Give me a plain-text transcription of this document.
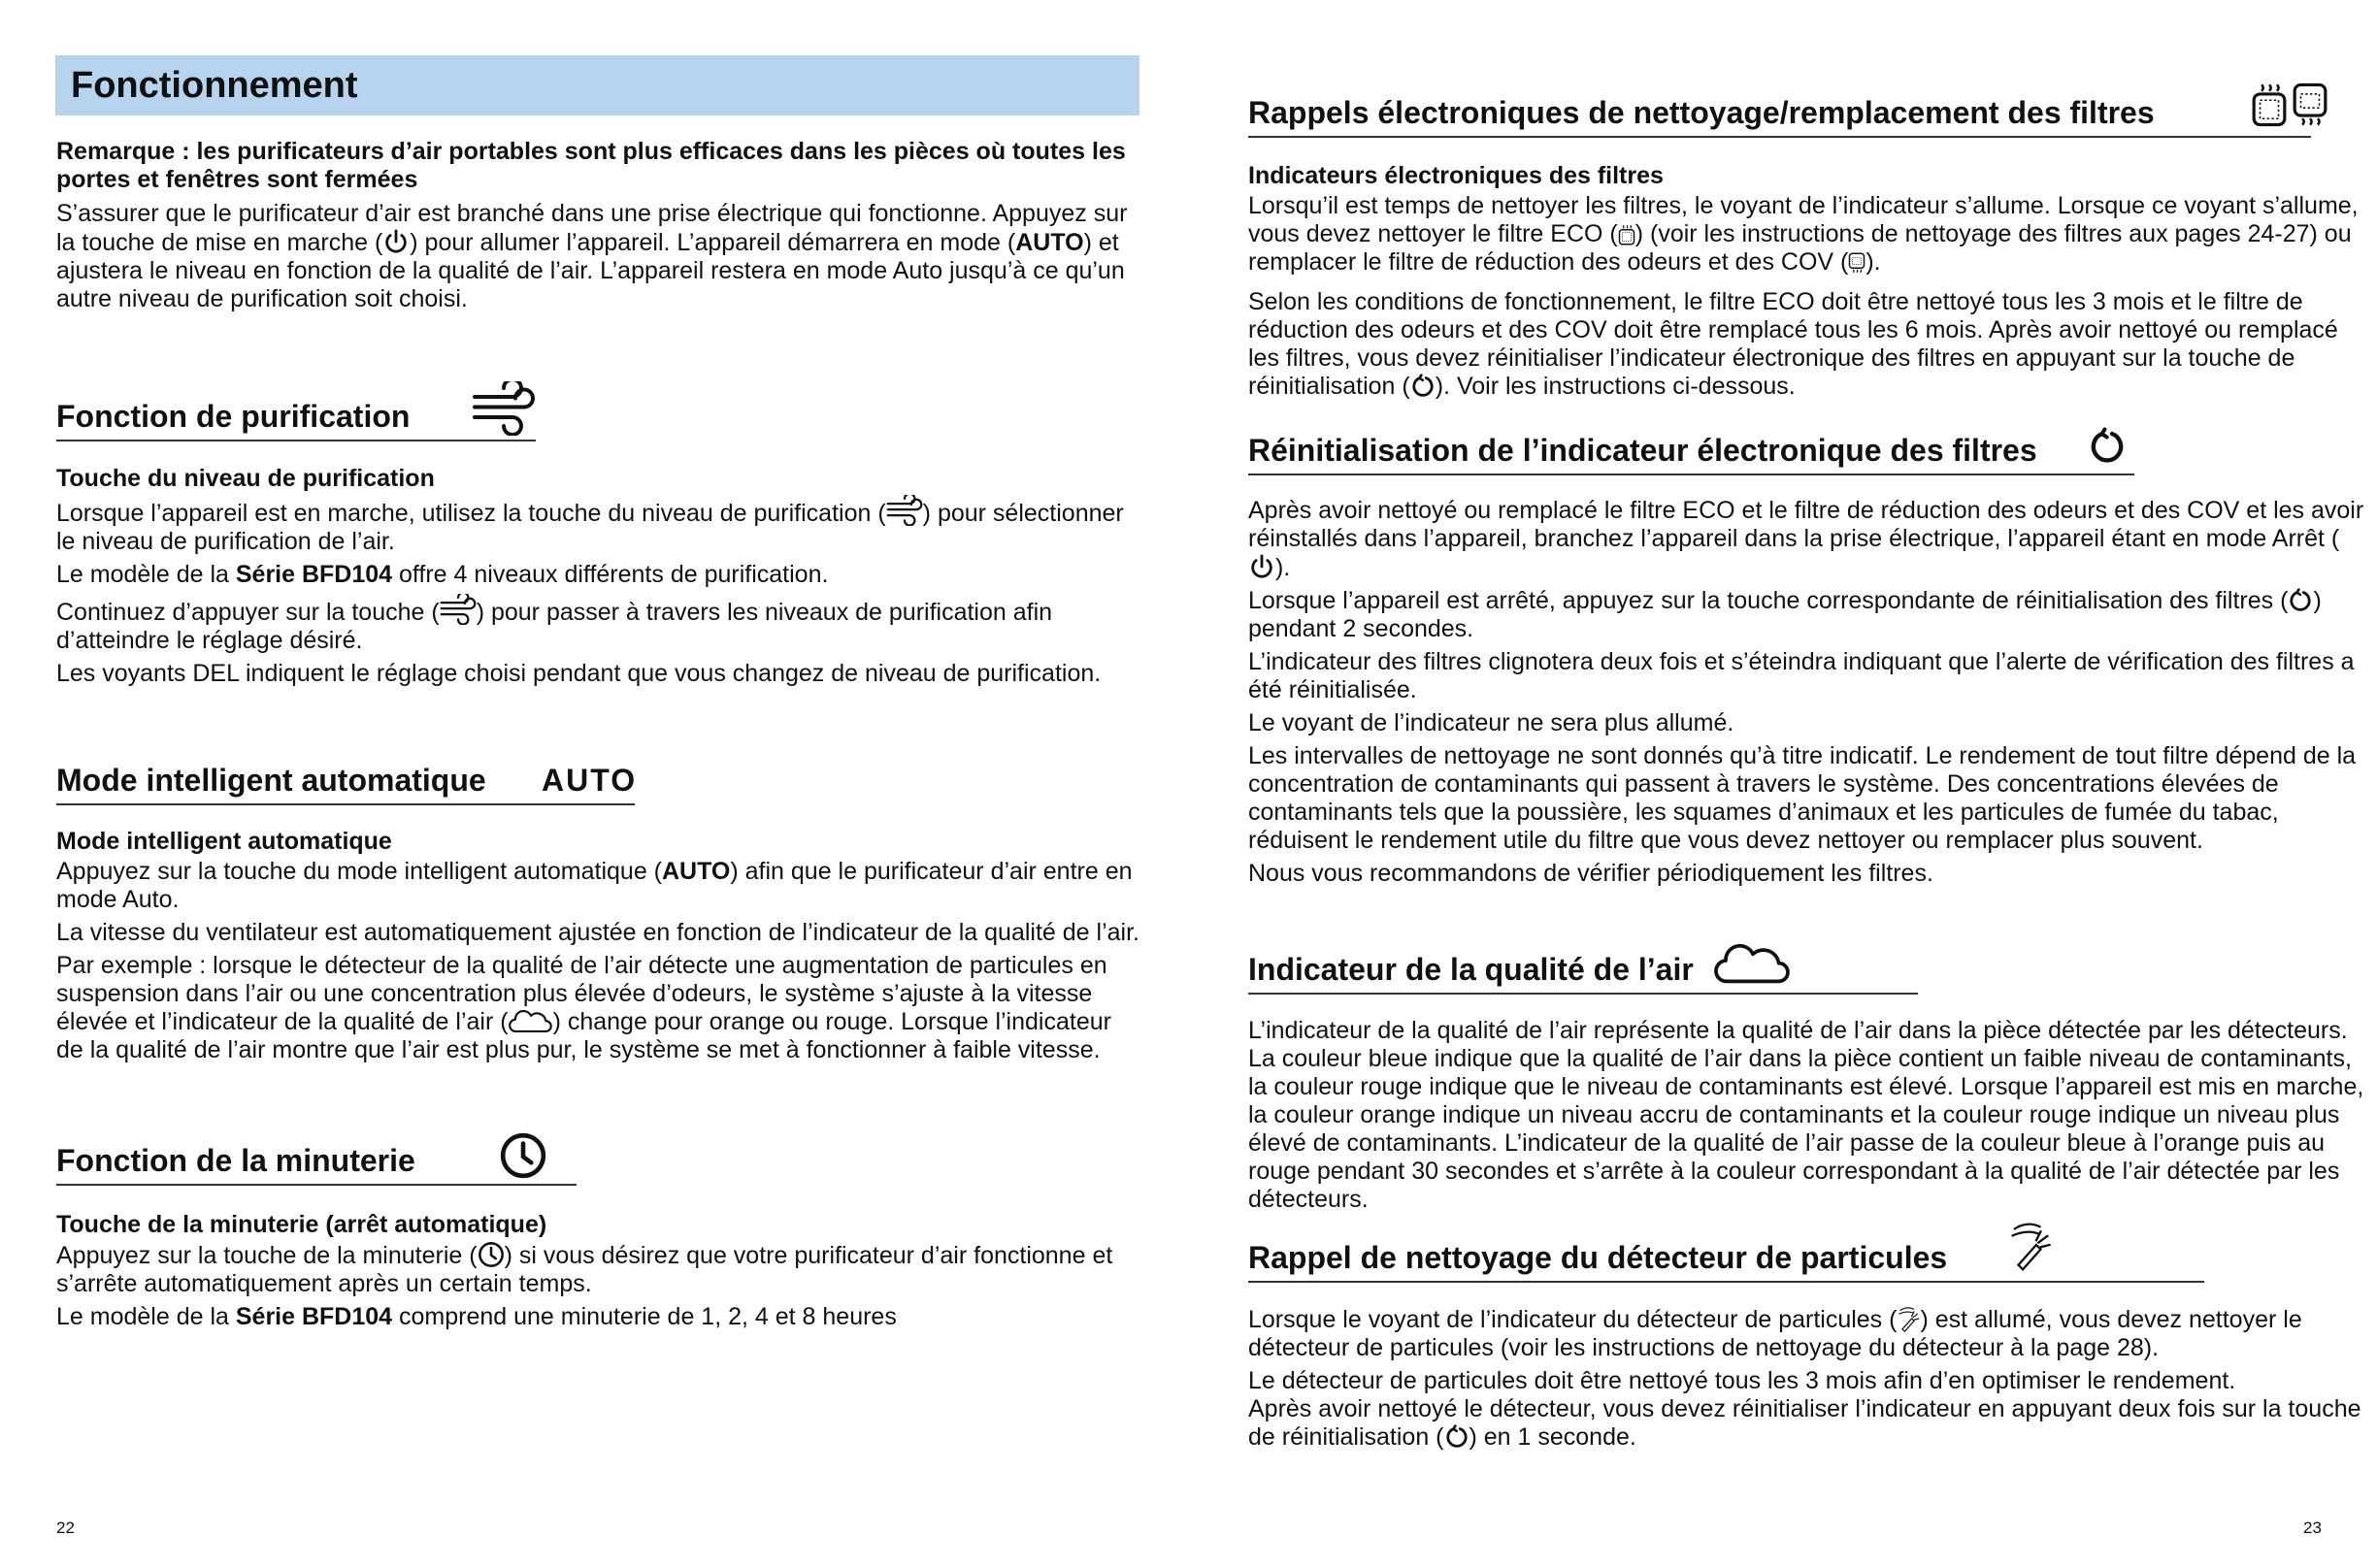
Fonctionnement
Remarque : les purificateurs d’air portables sont plus efficaces dans les pièces où toutes les portes et fenêtres sont fermées

S’assurer que le purificateur d’air est branché dans une prise électrique qui fonctionne. Appuyez sur la touche de mise en marche ( ) pour allumer l’appareil. L’appareil démarrera en mode (AUTO) et ajustera le niveau en fonction de la qualité de l’air. L’appareil restera en mode Auto jusqu’à ce qu’un autre niveau de purification soit choisi.

Fonction de purification
Touche du niveau de purification

Lorsque l’appareil est en marche, utilisez la touche du niveau de purification ( ) pour sélectionner le niveau de purification de l’air.

Le modèle de la Série BFD104 offre 4 niveaux différents de purification.

Continuez d’appuyer sur la touche ( ) pour passer à travers les niveaux de purification afin d’atteindre le réglage désiré.

Les voyants DEL indiquent le réglage choisi pendant que vous changez de niveau de purification.

Mode intelligent automatique AUTO
Mode intelligent automatique

Appuyez sur la touche du mode intelligent automatique (AUTO) afin que le purificateur d’air entre en mode Auto.

La vitesse du ventilateur est automatiquement ajustée en fonction de l’indicateur de la qualité de l’air.

Par exemple : lorsque le détecteur de la qualité de l’air détecte une augmentation de particules en suspension dans l’air ou une concentration plus élevée d’odeurs, le système s’ajuste à la vitesse élevée et l’indicateur de la qualité de l’air ( ) change pour orange ou rouge. Lorsque l’indicateur de la qualité de l’air montre que l’air est plus pur, le système se met à fonctionner à faible vitesse.

Fonction de la minuterie
Touche de la minuterie (arrêt automatique)

Appuyez sur la touche de la minuterie ( ) si vous désirez que votre purificateur d’air fonctionne et s’arrête automatiquement après un certain temps.

Le modèle de la Série BFD104 comprend une minuterie de 1, 2, 4 et 8 heures

22
Rappels électroniques de nettoyage/remplacement des filtres
Indicateurs électroniques des filtres

Lorsqu’il est temps de nettoyer les filtres, le voyant de l’indicateur s’allume. Lorsque ce voyant s’allume, vous devez nettoyer le filtre ECO ( ) (voir les instructions de nettoyage des filtres aux pages 24-27) ou remplacer le filtre de réduction des odeurs et des COV ( ).

Selon les conditions de fonctionnement, le filtre ECO doit être nettoyé tous les 3 mois et le filtre de réduction des odeurs et des COV doit être remplacé tous les 6 mois. Après avoir nettoyé ou remplacé les filtres, vous devez réinitialiser l’indicateur électronique des filtres en appuyant sur la touche de réinitialisation ( ). Voir les instructions ci-dessous.

Réinitialisation de l’indicateur électronique des filtres

Après avoir nettoyé ou remplacé le filtre ECO et le filtre de réduction des odeurs et des COV et les avoir réinstallés dans l’appareil, branchez l’appareil dans la prise électrique, l’appareil étant en mode Arrêt ().

Lorsque l’appareil est arrêté, appuyez sur la touche correspondante de réinitialisation des filtres ( ) pendant 2 secondes.

L’indicateur des filtres clignotera deux fois et s’éteindra indiquant que l’alerte de vérification des filtres a été réinitialisée.

Le voyant de l’indicateur ne sera plus allumé.

Les intervalles de nettoyage ne sont donnés qu’à titre indicatif. Le rendement de tout filtre dépend de la concentration de contaminants qui passent à travers le système. Des concentrations élevées de contaminants tels que la poussière, les squames d’animaux et les particules de fumée du tabac, réduisent le rendement utile du filtre que vous devez nettoyer ou remplacer plus souvent.

Nous vous recommandons de vérifier périodiquement les filtres.

Indicateur de la qualité de l’air

L’indicateur de la qualité de l’air représente la qualité de l’air dans la pièce détectée par les détecteurs. La couleur bleue indique que la qualité de l’air dans la pièce contient un faible niveau de contaminants, la couleur rouge indique que le niveau de contaminants est élevé. Lorsque l’appareil est mis en marche, la couleur orange indique un niveau accru de contaminants et la couleur rouge indique un niveau plus élevé de contaminants. L’indicateur de la qualité de l’air passe de la couleur bleue à l’orange puis au rouge pendant 30 secondes et s’arrête à la couleur correspondant à la qualité de l’air détectée par les détecteurs.

Rappel de nettoyage du détecteur de particules

Lorsque le voyant de l’indicateur du détecteur de particules ( ) est allumé, vous devez nettoyer le détecteur de particules (voir les instructions de nettoyage du détecteur à la page 28).

Le détecteur de particules doit être nettoyé tous les 3 mois afin d’en optimiser le rendement.
Après avoir nettoyé le détecteur, vous devez réinitialiser l’indicateur en appuyant deux fois sur la touche de réinitialisation ( ) en 1 seconde.

23
